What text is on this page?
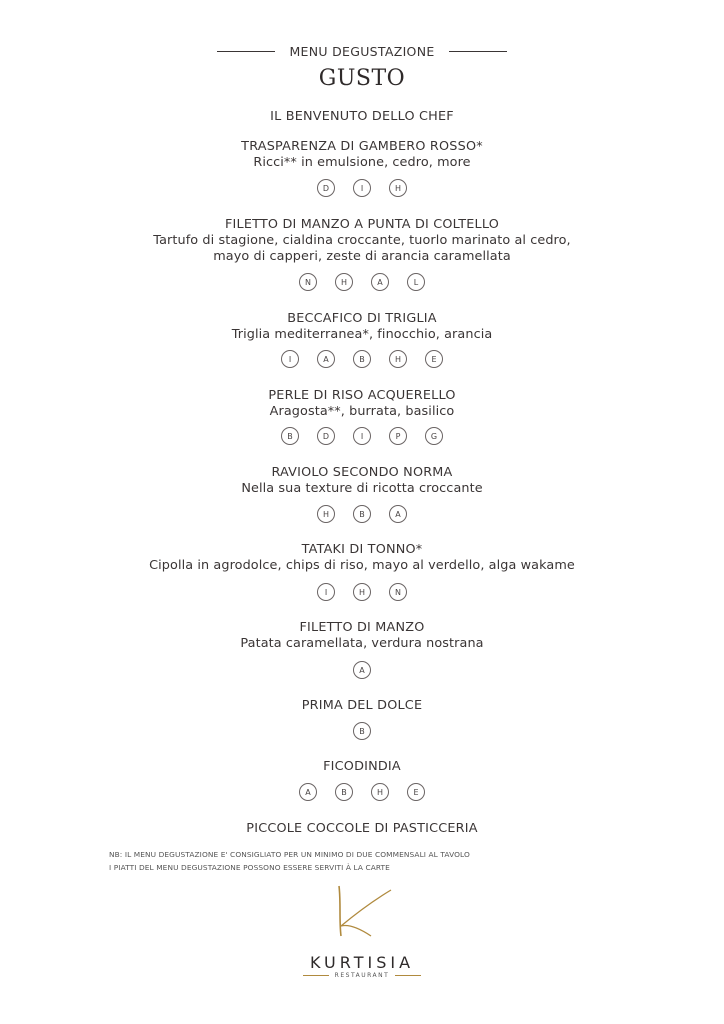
MENU DEGUSTAZIONE
GUSTO
IL BENVENUTO DELLO CHEF
TRASPARENZA DI GAMBERO ROSSO*
Ricci** in emulsione, cedro, more
D	I	H
FILETTO DI MANZO A PUNTA DI COLTELLO
Tartufo di stagione, cialdina croccante, tuorlo marinato al cedro,
mayo di capperi, zeste di arancia caramellata
N	H	A	L
BECCAFICO DI TRIGLIA
Triglia mediterranea*, finocchio, arancia
I	A	B	H	E
PERLE DI RISO ACQUERELLO
Aragosta**, burrata, basilico
B	D	I	P	G
RAVIOLO SECONDO NORMA
Nella sua texture di ricotta croccante
H	B	A
TATAKI DI TONNO*
Cipolla in agrodolce, chips di riso, mayo al verdello, alga wakame
I	H	N
FILETTO DI MANZO
Patata caramellata, verdura nostrana
A
PRIMA DEL DOLCE
B
FICODINDIA
A	B	H	E
PICCOLE COCCOLE DI PASTICCERIA
NB: IL MENU DEGUSTAZIONE E' CONSIGLIATO PER UN MINIMO DI DUE COMMENSALI AL TAVOLO
I PIATTI DEL MENU DEGUSTAZIONE POSSONO ESSERE SERVITI À LA CARTE
KURTISIA
RESTAURANT
